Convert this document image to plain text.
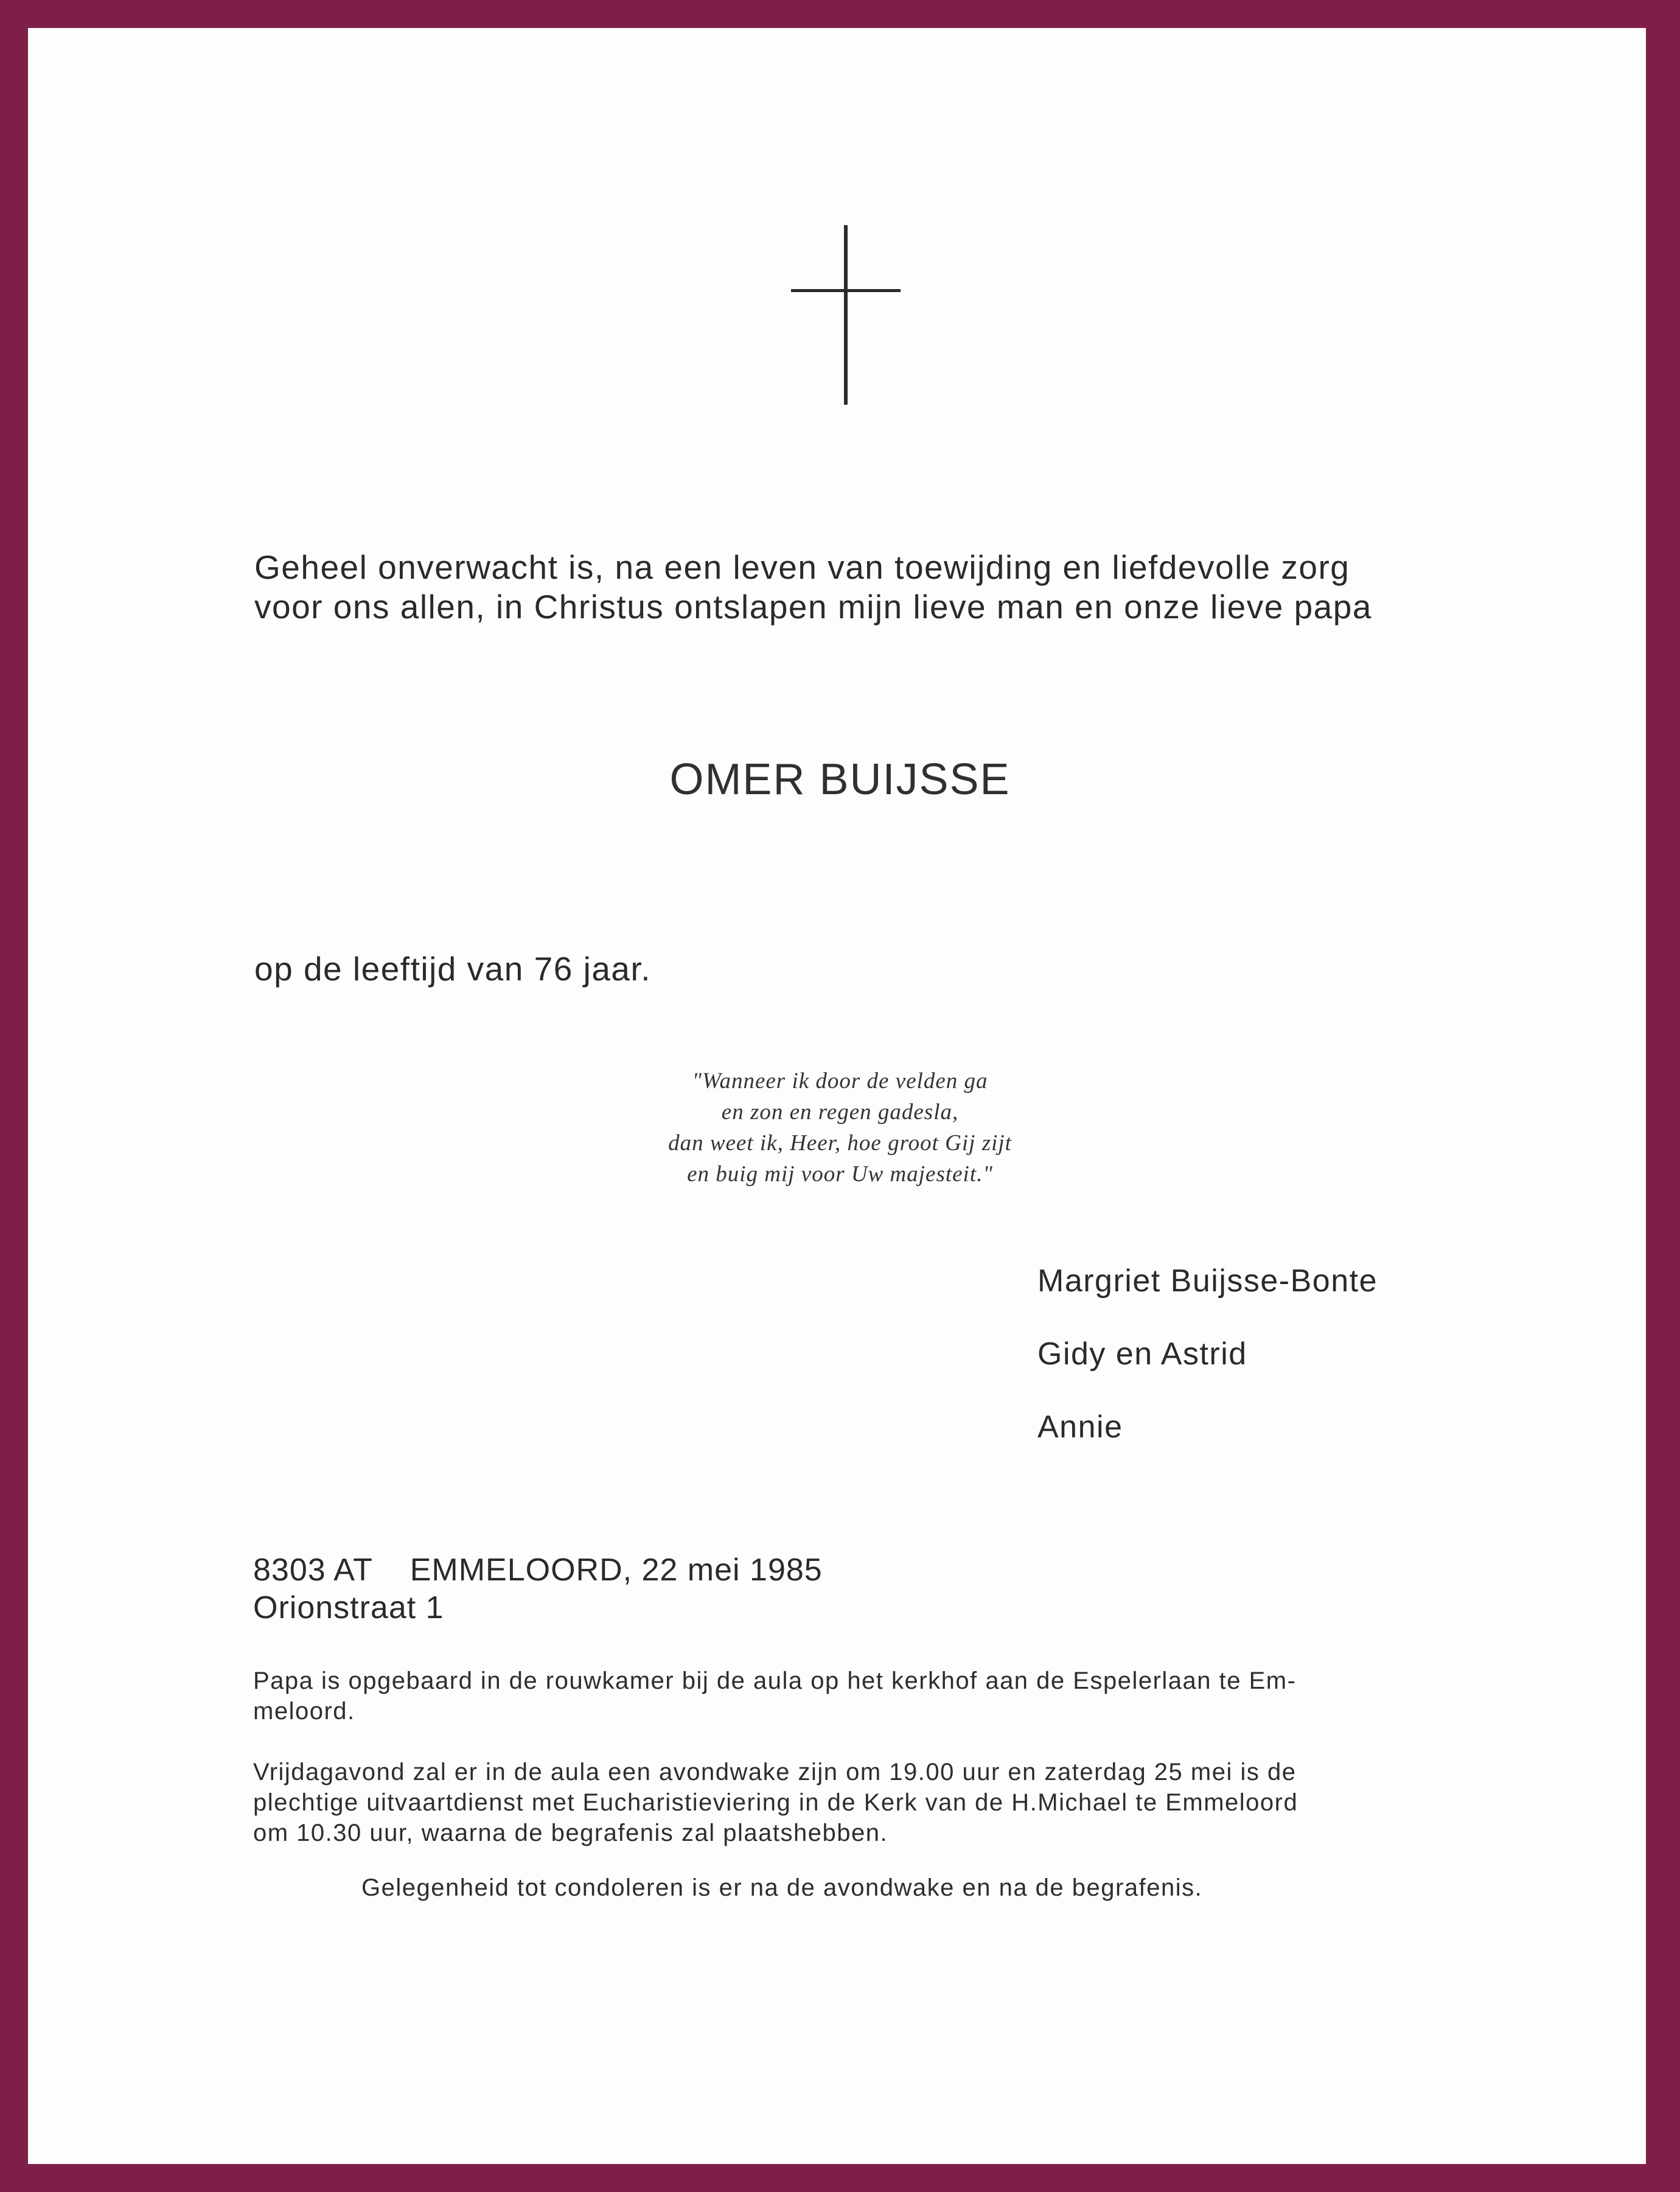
Geheel onverwacht is, na een leven van toewijding en liefdevolle zorg
voor ons allen, in Christus ontslapen mijn lieve man en onze lieve papa
OMER BUIJSSE
op de leeftijd van 76 jaar.
"Wanneer ik door de velden ga
en zon en regen gadesla,
dan weet ik, Heer, hoe groot Gij zijt
en buig mij voor Uw majesteit."
Margriet Buijsse-Bonte
Gidy en Astrid
Annie
8303 AT    EMMELOORD, 22 mei 1985
Orionstraat 1
Papa is opgebaard in de rouwkamer bij de aula op het kerkhof aan de Espelerlaan te Em-
meloord.
Vrijdagavond zal er in de aula een avondwake zijn om 19.00 uur en zaterdag 25 mei is de
plechtige uitvaartdienst met Eucharistieviering in de Kerk van de H.Michael te Emmeloord
om 10.30 uur, waarna de begrafenis zal plaatshebben.
Gelegenheid tot condoleren is er na de avondwake en na de begrafenis.
